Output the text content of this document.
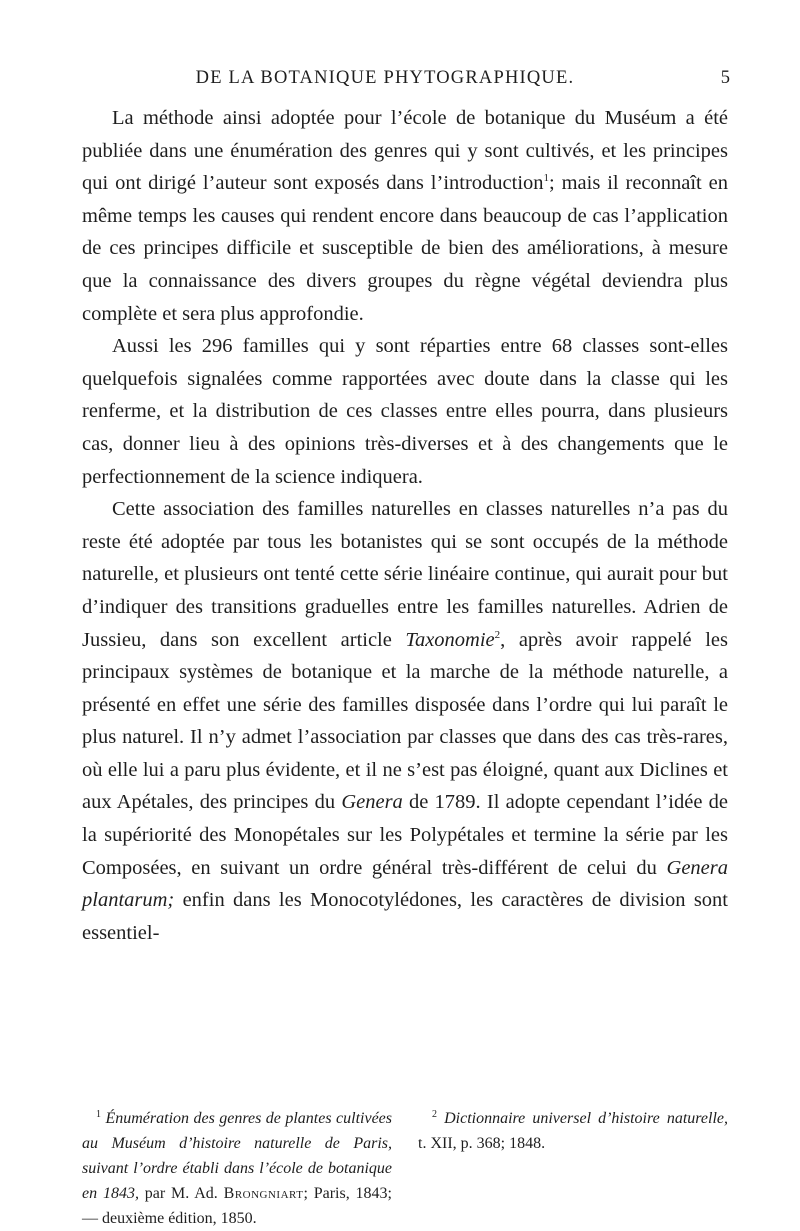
DE LA BOTANIQUE PHYTOGRAPHIQUE.	5

La méthode ainsi adoptée pour l’école de botanique du Muséum a été publiée dans une énumération des genres qui y sont cultivés, et les principes qui ont dirigé l’auteur sont exposés dans l’introduction$^1$; mais il reconnaît en même temps les causes qui rendent encore dans beaucoup de cas l’application de ces principes difficile et susceptible de bien des améliorations, à mesure que la connaissance des divers groupes du règne végétal deviendra plus complète et sera plus approfondie.

Aussi les 296 familles qui y sont réparties entre 68 classes sont-elles quelquefois signalées comme rapportées avec doute dans la classe qui les renferme, et la distribution de ces classes entre elles pourra, dans plusieurs cas, donner lieu à des opinions très-diverses et à des changements que le perfectionnement de la science indiquera.

Cette association des familles naturelles en classes naturelles n’a pas du reste été adoptée par tous les botanistes qui se sont occupés de la méthode naturelle, et plusieurs ont tenté cette série linéaire continue, qui aurait pour but d’indiquer des transitions graduelles entre les familles naturelles. Adrien de Jussieu, dans son excellent article Taxonomie$^2$, après avoir rappelé les principaux systèmes de botanique et la marche de la méthode naturelle, a présenté en effet une série des familles disposée dans l’ordre qui lui paraît le plus naturel. Il n’y admet l’association par classes que dans des cas très-rares, où elle lui a paru plus évidente, et il ne s’est pas éloigné, quant aux Diclines et aux Apétales, des principes du Genera de 1789. Il adopte cependant l’idée de la supériorité des Monopétales sur les Polypétales et termine la série par les Composées, en suivant un ordre général très-différent de celui du Genera plantarum; enfin dans les Monocotylédones, les caractères de division sont essentiel-

$^1$ Énumération des genres de plantes cultivées au Muséum d’histoire naturelle de Paris, suivant l’ordre établi dans l’école de botanique en 1843, par M. Ad. Brongniart; Paris, 1843; — deuxième édition, 1850.

$^2$ Dictionnaire universel d’histoire naturelle, t. XII, p. 368; 1848.
